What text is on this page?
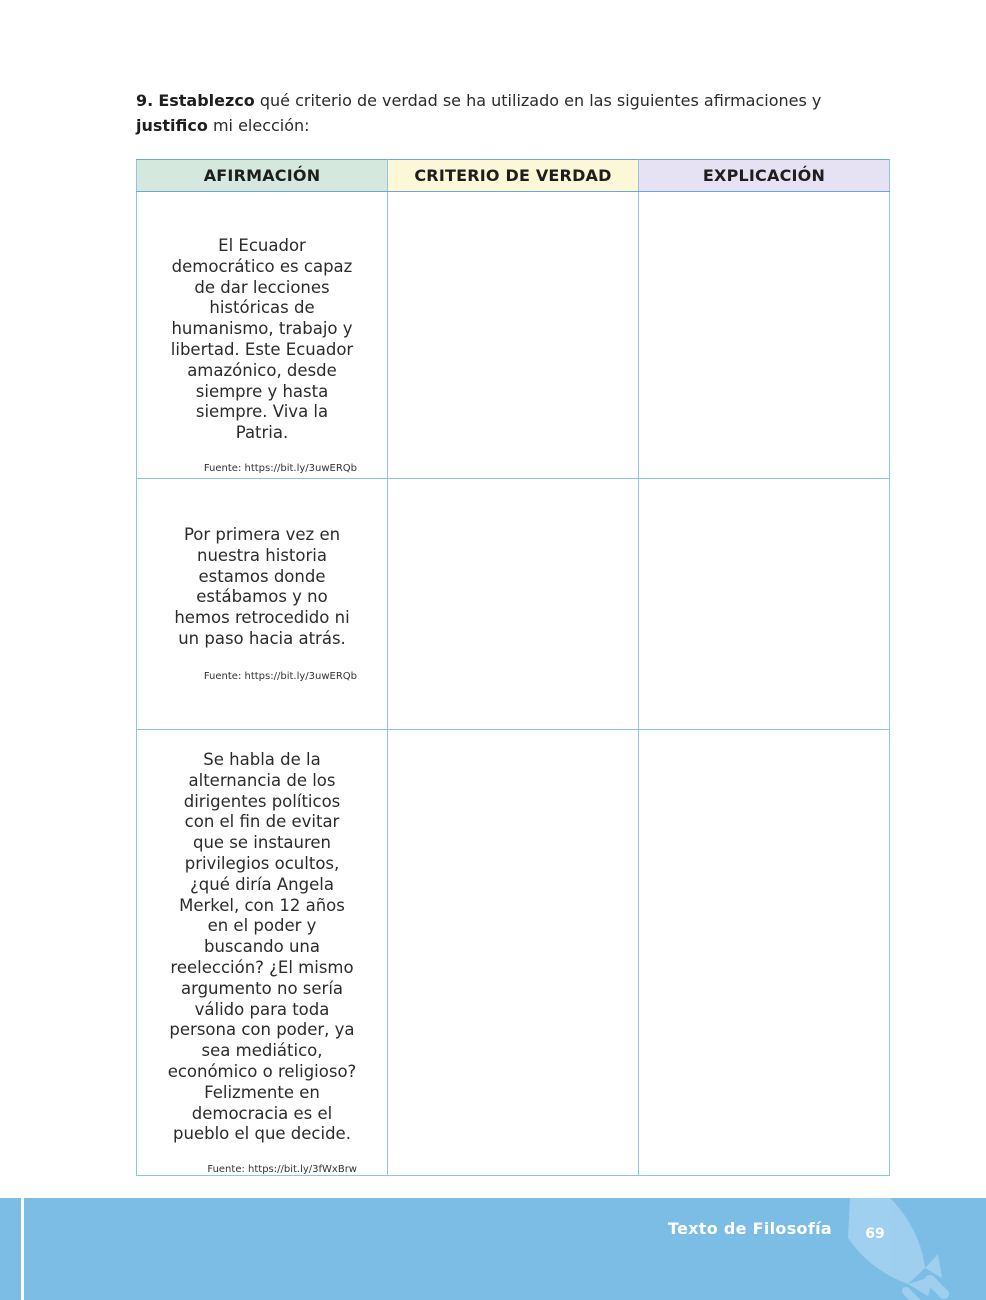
9. Establezco qué criterio de verdad se ha utilizado en las siguientes afirmaciones y justifico mi elección:
AFIRMACIÓN	CRITERIO DE VERDAD	EXPLICACIÓN

El Ecuador democrático es capaz de dar lecciones históricas de humanismo, trabajo y libertad. Este Ecuador amazónico, desde siempre y hasta siempre. Viva la Patria.
Fuente: https://bit.ly/3uwERQb		

Por primera vez en nuestra historia estamos donde estábamos y no hemos retrocedido ni un paso hacia atrás.
Fuente: https://bit.ly/3uwERQb		

Se habla de la alternancia de los dirigentes políticos con el fin de evitar que se instauren privilegios ocultos, ¿qué diría Angela Merkel, con 12 años en el poder y buscando una reelección? ¿El mismo argumento no sería válido para toda persona con poder, ya sea mediático, económico o religioso? Felizmente en democracia es el pueblo el que decide.
Fuente: https://bit.ly/3fWxBrw		

Texto de Filosofía	69
